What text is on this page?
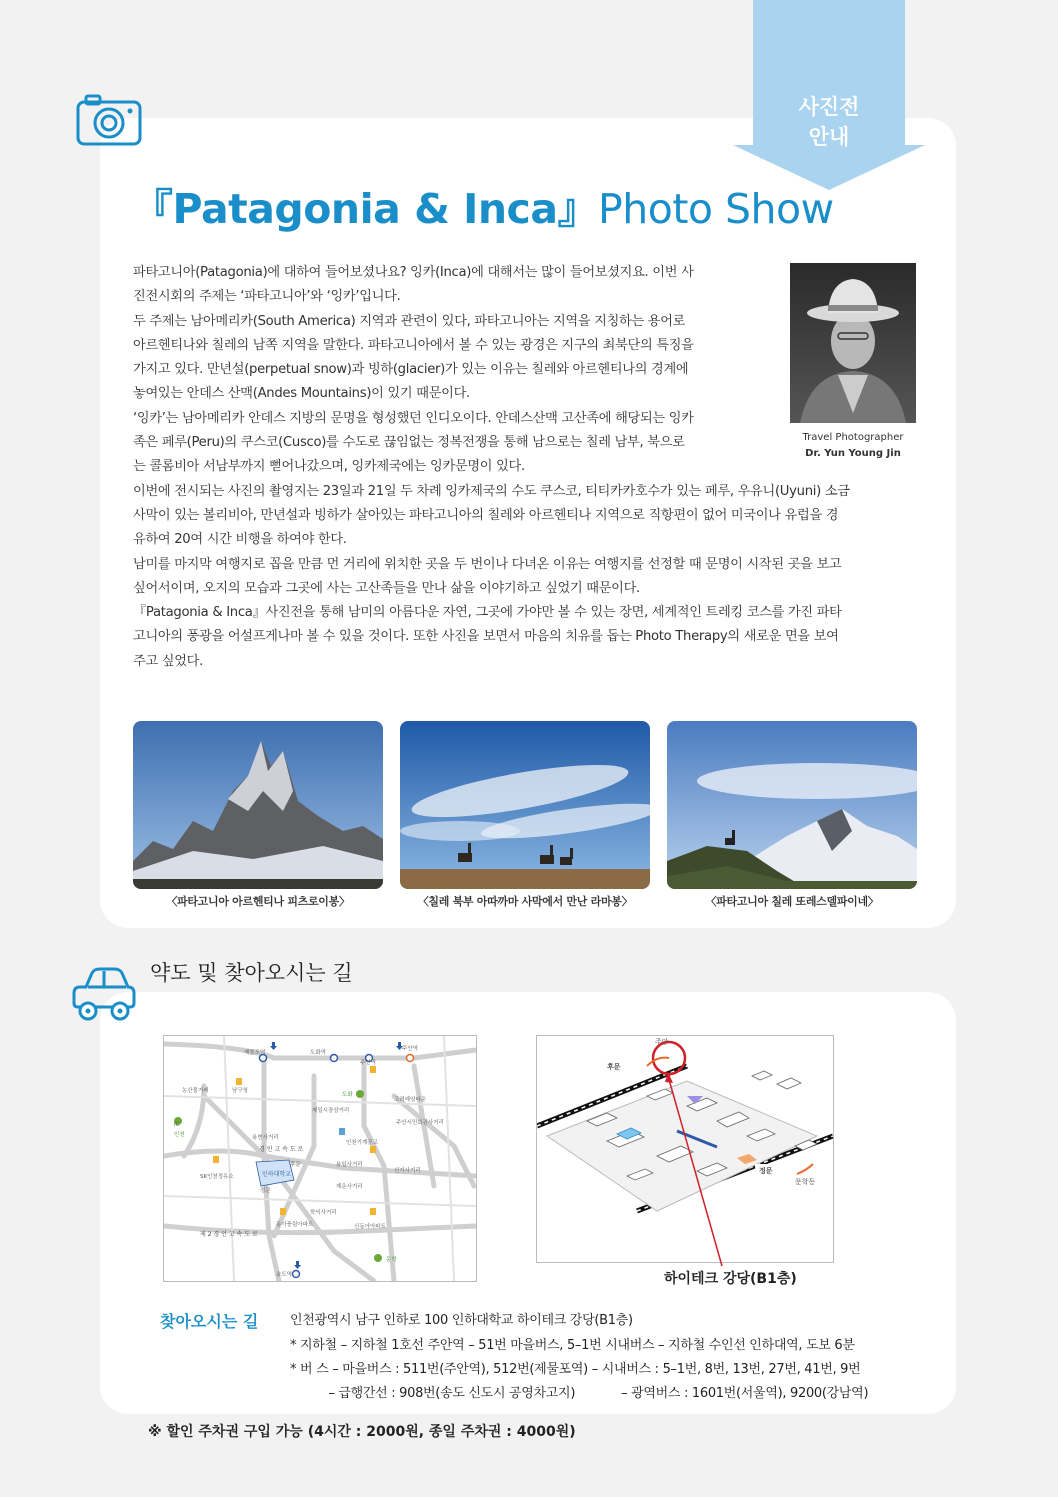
사진전
안내
『Patagonia & Inca』Photo Show

파타고니아(Patagonia)에 대하여 들어보셨나요? 잉카(Inca)에 대해서는 많이 들어보셨지요. 이번 사

진전시회의 주제는 ‘파타고니아’와 ‘잉카’입니다.

두 주제는 남아메리카(South America) 지역과 관련이 있다, 파타고니아는 지역을 지칭하는 용어로

아르헨티나와 칠레의 남쪽 지역을 말한다. 파타고니아에서 볼 수 있는 광경은 지구의 최북단의 특징을

가지고 있다. 만년설(perpetual snow)과 빙하(glacier)가 있는 이유는 칠레와 아르헨티나의 경계에

놓여있는 안데스 산맥(Andes Mountains)이 있기 때문이다.

‘잉카’는 남아메리카 안데스 지방의 문명을 형성했던 인디오이다. 안데스산맥 고산족에 해당되는 잉카

족은 페루(Peru)의 쿠스코(Cusco)를 수도로 끊임없는 정복전쟁을 통해 남으로는 칠레 남부, 북으로

는 콜롬비아 서남부까지 뻗어나갔으며, 잉카제국에는 잉카문명이 있다.

이번에 전시되는 사진의 촬영지는 23일과 21일 두 차례 잉카제국의 수도 쿠스코, 티티카카호수가 있는 페루, 우유니(Uyuni) 소금

사막이 있는 볼리비아, 만년설과 빙하가 살아있는 파타고니아의 칠레와 아르헨티나 지역으로 직항편이 없어 미국이나 유럽을 경

유하여 20여 시간 비행을 하여야 한다.

남미를 마지막 여행지로 꼽을 만큼 먼 거리에 위치한 곳을 두 번이나 다녀온 이유는 여행지를 선정할 때 문명이 시작된 곳을 보고

싶어서이며, 오지의 모습과 그곳에 사는 고산족들을 만나 삶을 이야기하고 싶었기 때문이다.

『Patagonia & Inca』사진전을 통해 남미의 아름다운 자연, 그곳에 가야만 볼 수 있는 장면, 세계적인 트레킹 코스를 가진 파타

고니아의 풍광을 어설프게나마 볼 수 있을 것이다. 또한 사진을 보면서 마음의 치유를 돕는 Photo Therapy의 새로운 면을 보여

주고 싶었다.

Travel Photographer
Dr. Yun Young Jin
〈파타고니아 아르헨티나 피츠로이봉〉	〈칠레 북부 아따까마 사막에서 만난 라마봉〉	〈파타고니아 칠레 또레스델파이네〉
약도 및 찾아오시는 길
제물포역	도화역
주안역
주안역
남구청
농산물거래
IC
인천
도화
제일시장삼거리
고려예임타운
주안시민회관사거리
용현사거리
인천기계공고
경 인 고 속 도 로
SK인천정유소	인하대학교
후문
정문
용일사거리
신기사거리
제운사거리
학익사거리
동아풍림아파트	신동아아파트
제 2 경 인 고 속 도 로
송도역
문학
후문
주안
정문
문학동
하이테크 강당(B1층)
찾아오시는 길 인천광역시 남구 인하로 100 인하대학교 하이테크 강당(B1층)
* 지하철 – 지하철 1호선 주안역 – 51번 마을버스, 5–1번 시내버스 – 지하철 수인선 인하대역, 도보 6분
* 버 스 – 마을버스 : 511번(주안역), 512번(제물포역) – 시내버스 : 5–1번, 8번, 13번, 27번, 41번, 9번
– 급행간선 : 908번(송도 신도시 공영차고지)            – 광역버스 : 1601번(서울역), 9200(강남역)
※ 할인 주차권 구입 가능 (4시간 : 2000원, 종일 주차권 : 4000원)
